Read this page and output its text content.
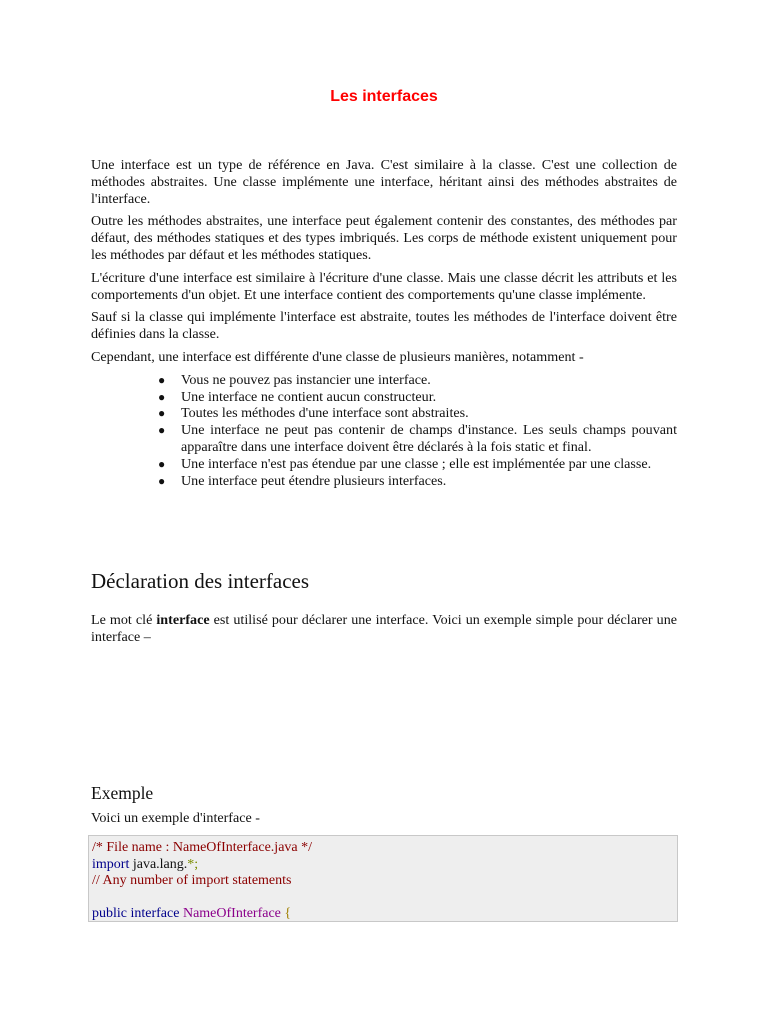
Les interfaces

Une interface est un type de référence en Java. C'est similaire à la classe. C'est une collection de méthodes abstraites. Une classe implémente une interface, héritant ainsi des méthodes abstraites de l'interface.

Outre les méthodes abstraites, une interface peut également contenir des constantes, des méthodes par défaut, des méthodes statiques et des types imbriqués. Les corps de méthode existent uniquement pour les méthodes par défaut et les méthodes statiques.

L'écriture d'une interface est similaire à l'écriture d'une classe. Mais une classe décrit les attributs et les comportements d'un objet. Et une interface contient des comportements qu'une classe implémente.

Sauf si la classe qui implémente l'interface est abstraite, toutes les méthodes de l'interface doivent être définies dans la classe.

Cependant, une interface est différente d'une classe de plusieurs manières, notamment -

● Vous ne pouvez pas instancier une interface.
● Une interface ne contient aucun constructeur.
● Toutes les méthodes d'une interface sont abstraites.
● Une interface ne peut pas contenir de champs d'instance. Les seuls champs pouvant apparaître dans une interface doivent être déclarés à la fois static et final.
● Une interface n'est pas étendue par une classe ; elle est implémentée par une classe.
● Une interface peut étendre plusieurs interfaces.
Déclaration des interfaces

Le mot clé interface est utilisé pour déclarer une interface. Voici un exemple simple pour déclarer une interface –

Exemple

Voici un exemple d'interface -

/* File name : NameOfInterface.java */
import java.lang.*;
// Any number of import statements
public interface NameOfInterface {
